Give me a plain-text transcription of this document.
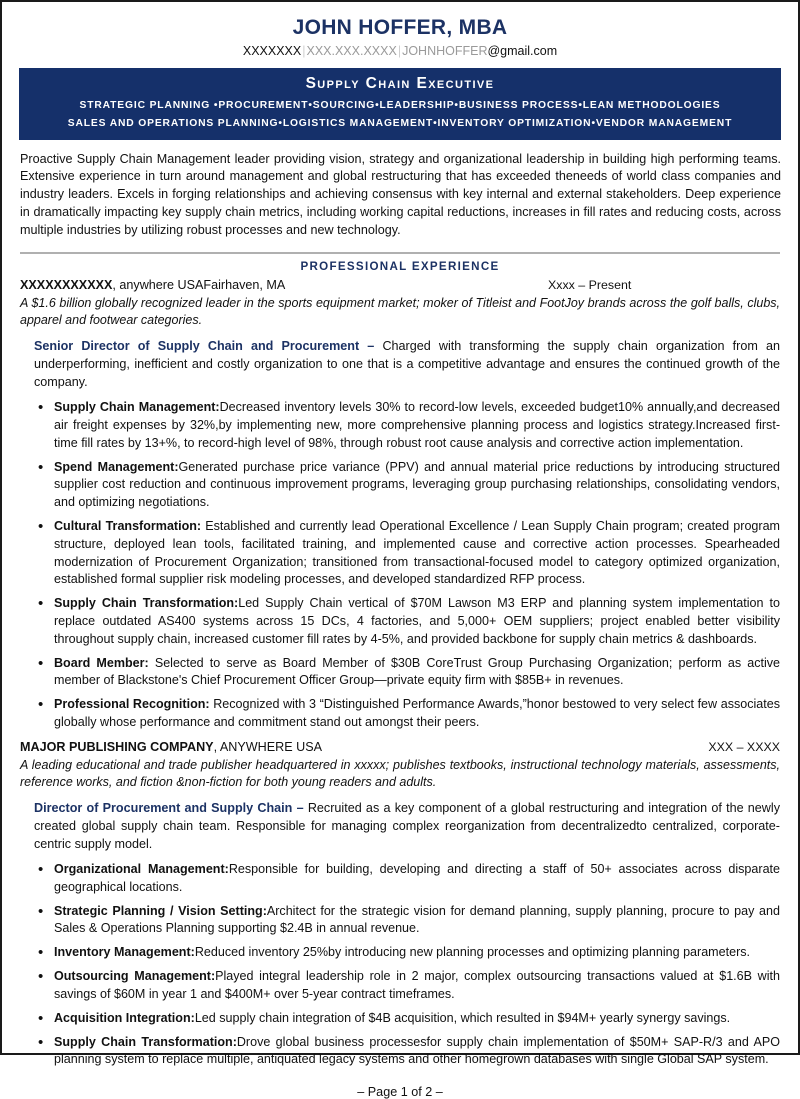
JOHN HOFFER, MBA
XXXXXXX|XXX.XXX.XXXX|JOHNHOFFER@gmail.com
Supply Chain Executive
STRATEGIC PLANNING •PROCUREMENT•SOURCING•LEADERSHIP•BUSINESS PROCESS•LEAN METHODOLOGIES
SALES AND OPERATIONS PLANNING•LOGISTICS MANAGEMENT•INVENTORY OPTIMIZATION•VENDOR MANAGEMENT
Proactive Supply Chain Management leader providing vision, strategy and organizational leadership in building high performing teams. Extensive experience in turn around management and global restructuring that has exceeded theneeds of world class companies and industry leaders. Excels in forging relationships and achieving consensus with key internal and external stakeholders. Deep experience in dramatically impacting key supply chain metrics, including working capital reductions, increases in fill rates and reducing costs, across multiple industries by utilizing robust processes and new technology.
PROFESSIONAL EXPERIENCE
XXXXXXXXXXX, anywhere USAFairhaven, MA	Xxxx – Present
A $1.6 billion globally recognized leader in the sports equipment market; moker of Titleist and FootJoy brands across the golf balls, clubs, apparel and footwear categories.
Senior Director of Supply Chain and Procurement – Charged with transforming the supply chain organization from an underperforming, inefficient and costly organization to one that is a competitive advantage and ensures the continued growth of the company.
• Supply Chain Management:Decreased inventory levels 30% to record-low levels, exceeded budget10% annually,and decreased air freight expenses by 32%,by implementing new, more comprehensive planning process and logistics strategy.Increased first-time fill rates by 13+%, to record-high level of 98%, through robust root cause analysis and corrective action implementation.
• Spend Management:Generated purchase price variance (PPV) and annual material price reductions by introducing structured supplier cost reduction and continuous improvement programs, leveraging group purchasing relationships, consolidating vendors, and optimizing negotiations.
• Cultural Transformation: Established and currently lead Operational Excellence / Lean Supply Chain program; created program structure, deployed lean tools, facilitated training, and implemented cause and corrective action processes. Spearheaded modernization of Procurement Organization; transitioned from transactional-focused model to category optimized organization, established formal supplier risk modeling processes, and developed standardized RFP process.
• Supply Chain Transformation:Led Supply Chain vertical of $70M Lawson M3 ERP and planning system implementation to replace outdated AS400 systems across 15 DCs, 4 factories, and 5,000+ OEM suppliers; project enabled better visibility throughout supply chain, increased customer fill rates by 4-5%, and provided backbone for supply chain metrics & dashboards.
• Board Member: Selected to serve as Board Member of $30B CoreTrust Group Purchasing Organization; perform as active member of Blackstone's Chief Procurement Officer Group—private equity firm with $85B+ in revenues.
• Professional Recognition: Recognized with 3 “Distinguished Performance Awards,”honor bestowed to very select few associates globally whose performance and commitment stand out amongst their peers.
MAJOR PUBLISHING COMPANY, ANYWHERE USA	XXX – XXXX
A leading educational and trade publisher headquartered in xxxxx; publishes textbooks, instructional technology materials, assessments, reference works, and fiction &non-fiction for both young readers and adults.
Director of Procurement and Supply Chain – Recruited as a key component of a global restructuring and integration of the newly created global supply chain team. Responsible for managing complex reorganization from decentralizedto centralized, corporate-centric supply model.
• Organizational Management:Responsible for building, developing and directing a staff of 50+ associates across disparate geographical locations.
• Strategic Planning / Vision Setting:Architect for the strategic vision for demand planning, supply planning, procure to pay and Sales & Operations Planning supporting $2.4B in annual revenue.
• Inventory Management:Reduced inventory 25%by introducing new planning processes and optimizing planning parameters.
• Outsourcing Management:Played integral leadership role in 2 major, complex outsourcing transactions valued at $1.6B with savings of $60M in year 1 and $400M+ over 5-year contract timeframes.
• Acquisition Integration:Led supply chain integration of $4B acquisition, which resulted in $94M+ yearly synergy savings.
• Supply Chain Transformation:Drove global business processesfor supply chain implementation of $50M+ SAP-R/3 and APO planning system to replace multiple, antiquated legacy systems and other homegrown databases with single Global SAP system.
– Page 1 of 2 –
